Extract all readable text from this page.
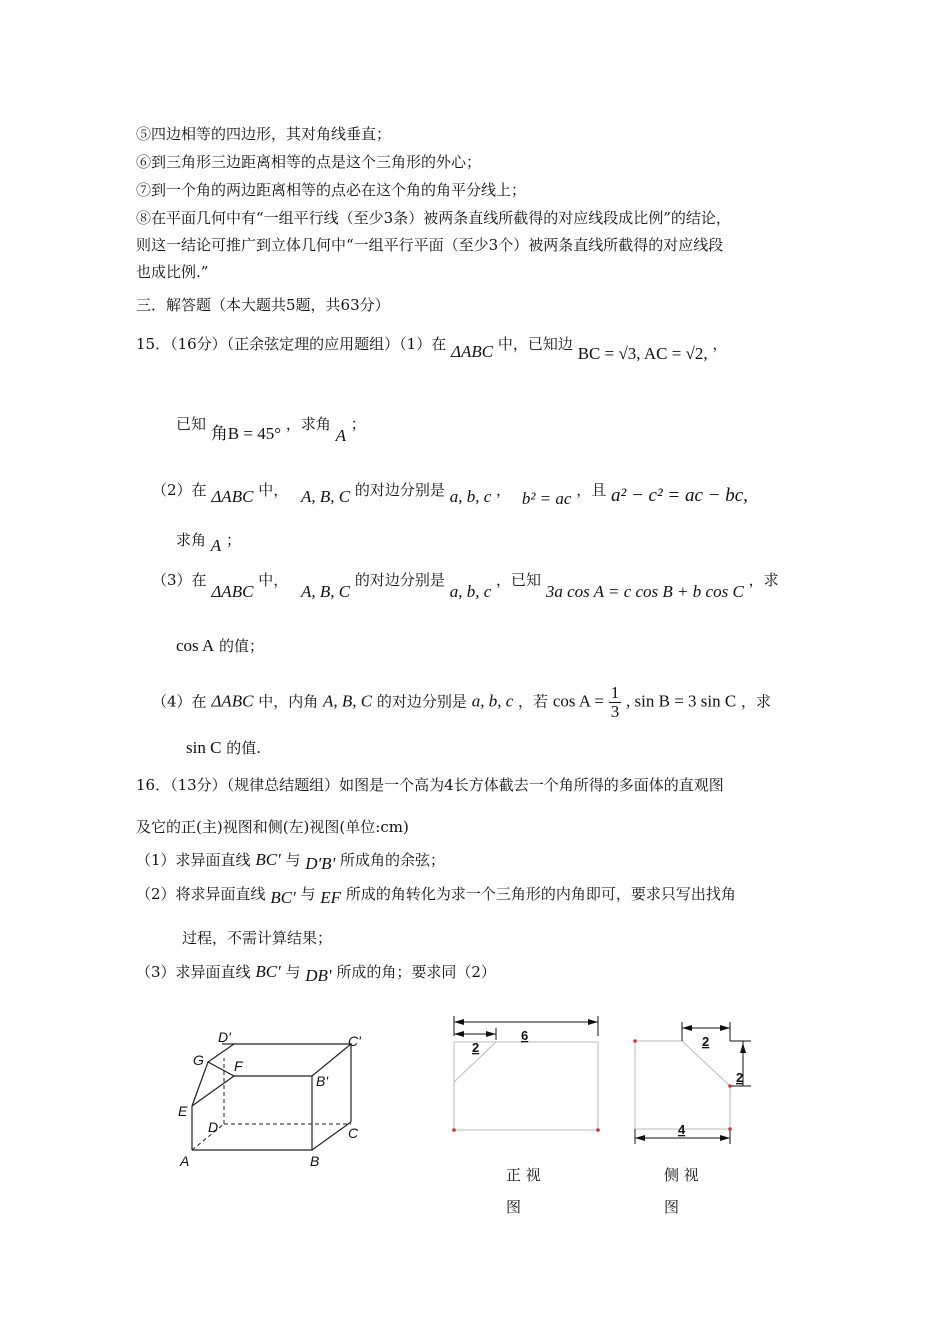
⑤四边相等的四边形，其对角线垂直；
⑥到三角形三边距离相等的点是这个三角形的外心；
⑦到一个角的两边距离相等的点必在这个角的角平分线上；
⑧在平面几何中有“一组平行线（至少3条）被两条直线所截得的对应线段成比例”的结论，
则这一结论可推广到立体几何中“一组平行平面（至少3个）被两条直线所截得的对应线段
也成比例.”
三．解答题（本大题共5题，共63分）
15．（16分）（正余弦定理的应用题组）（1）在 ΔABC 中，已知边 BC = √3, AC = √2, ，
已知 角B = 45° ，求角 A ；
（2）在 ΔABC 中， A, B, C 的对边分别是 a, b, c ， b² = ac ，且 a² − c² = ac − bc,
求角 A ；
（3）在 ΔABC 中， A, B, C 的对边分别是 a, b, c ，已知 3a cos A = c cos B + b cos C ，求
cos A 的值；
（4）在 ΔABC 中，内角 A, B, C 的对边分别是 a, b, c ，若 $\cos A = \frac{1}{3}$ , sin B = 3 sin C ，求
sin C 的值.
16．（13分）（规律总结题组）如图是一个高为4长方体截去一个角所得的多面体的直观图
及它的正(主)视图和侧(左)视图(单位:cm)
（1）求异面直线 BC' 与 D'B' 所成角的余弦；
（2）将求异面直线 BC' 与 EF 所成的角转化为求一个三角形的内角即可，要求只写出找角
过程，不需计算结果；
（3）求异面直线 BC' 与 DB' 所成的角；要求同（2）
D'	C'
G F
B'
E
D	C
A	B
6
2	2
2
4
正 视
图
侧 视
图
